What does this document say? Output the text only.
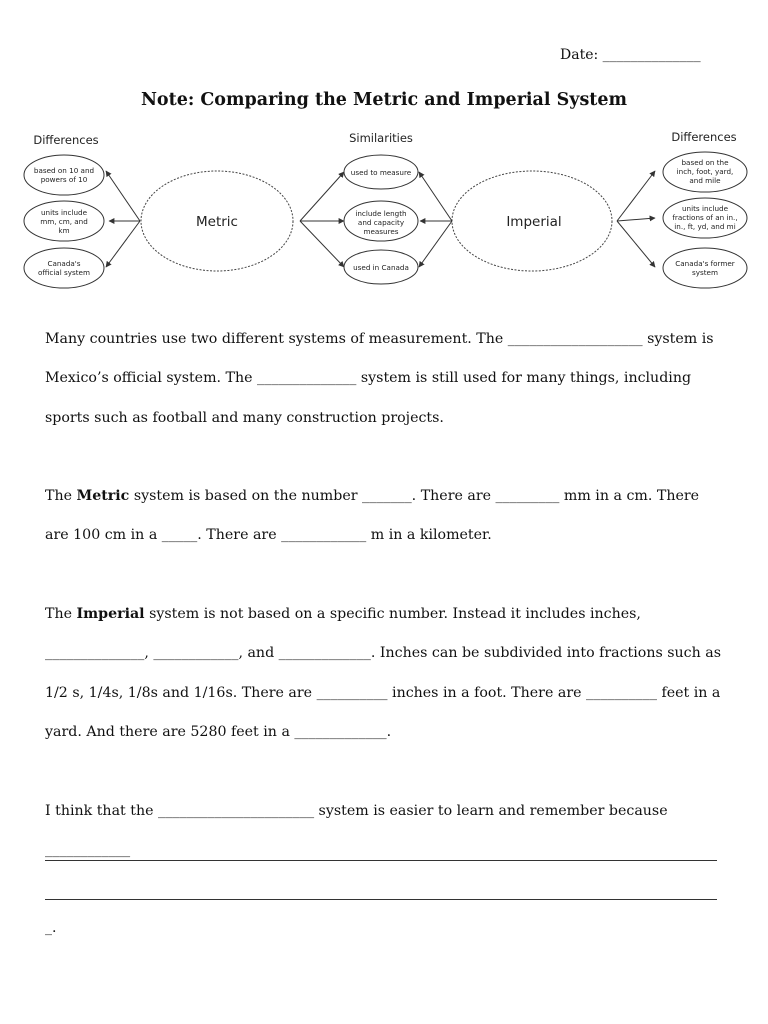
Date: ______________
Note: Comparing the Metric and Imperial System
Differences	Similarities	Differences
Metric	Imperial
based on 10 and powers of 10
units include mm, cm, and km
Canada's official system
used to measure
include length and capacity measures
used in Canada
based on the inch, foot, yard, and mile
units include fractions of an in., in., ft, yd, and mi
Canada's former system
Many countries use two different systems of measurement. The ___________________ system is Mexico’s official system. The ______________ system is still used for many things, including sports such as football and many construction projects.
The Metric system is based on the number _______. There are _________ mm in a cm. There are 100 cm in a _____. There are ____________ m in a kilometer.
The Imperial system is not based on a specific number. Instead it includes inches, ______________, ____________, and _____________. Inches can be subdivided into fractions such as 1/2 s, 1/4s, 1/8s and 1/16s. There are __________ inches in a foot. There are __________ feet in a yard. And there are 5280 feet in a _____________.
I think that the ______________________ system is easier to learn and remember because ____________
_.
